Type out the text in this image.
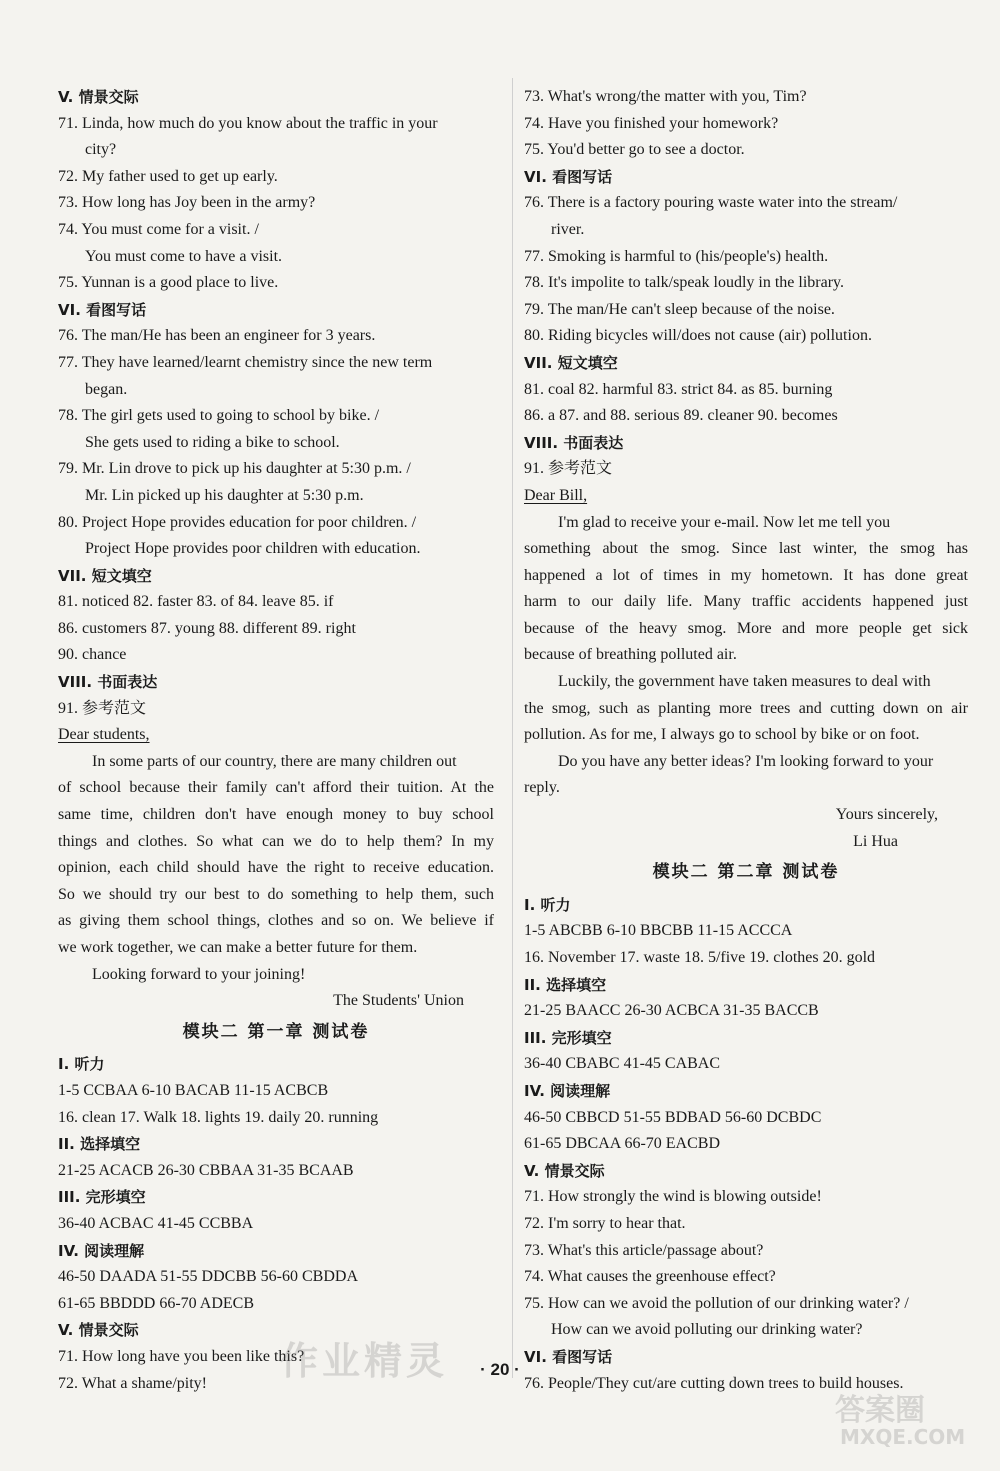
V. 情景交际
71. Linda, how much do you know about the traffic in your
city?
72. My father used to get up early.
73. How long has Joy been in the army?
74. You must come for a visit. /
You must come to have a visit.
75. Yunnan is a good place to live.
VI. 看图写话
76. The man/He has been an engineer for 3 years.
77. They have learned/learnt chemistry since the new term
began.
78. The girl gets used to going to school by bike. /
She gets used to riding a bike to school.
79. Mr. Lin drove to pick up his daughter at 5:30 p.m. /
Mr. Lin picked up his daughter at 5:30 p.m.
80. Project Hope provides education for poor children. /
Project Hope provides poor children with education.
VII. 短文填空
81. noticed 82. faster 83. of 84. leave 85. if
86. customers 87. young 88. different 89. right
90. chance
VIII. 书面表达
91. 参考范文
Dear students,
In some parts of our country, there are many children out
of school because their family can't afford their tuition. At the
same time, children don't have enough money to buy school
things and clothes. So what can we do to help them? In my
opinion, each child should have the right to receive education.
So we should try our best to do something to help them, such
as giving them school things, clothes and so on. We believe if
we work together, we can make a better future for them.
Looking forward to your joining!
The Students' Union
模块二 第一章 测试卷
I. 听力
1-5 CCBAA 6-10 BACAB 11-15 ACBCB
16. clean 17. Walk 18. lights 19. daily 20. running
II. 选择填空
21-25 ACACB 26-30 CBBAA 31-35 BCAAB
III. 完形填空
36-40 ACBAC 41-45 CCBBA
IV. 阅读理解
46-50 DAADA 51-55 DDCBB 56-60 CBDDA
61-65 BBDDD 66-70 ADECB
V. 情景交际
71. How long have you been like this?
72. What a shame/pity!
73. What's wrong/the matter with you, Tim?
74. Have you finished your homework?
75. You'd better go to see a doctor.
VI. 看图写话
76. There is a factory pouring waste water into the stream/
river.
77. Smoking is harmful to (his/people's) health.
78. It's impolite to talk/speak loudly in the library.
79. The man/He can't sleep because of the noise.
80. Riding bicycles will/does not cause (air) pollution.
VII. 短文填空
81. coal 82. harmful 83. strict 84. as 85. burning
86. a 87. and 88. serious 89. cleaner 90. becomes
VIII. 书面表达
91. 参考范文
Dear Bill,
I'm glad to receive your e-mail. Now let me tell you
something about the smog. Since last winter, the smog has
happened a lot of times in my hometown. It has done great
harm to our daily life. Many traffic accidents happened just
because of the heavy smog. More and more people get sick
because of breathing polluted air.
Luckily, the government have taken measures to deal with
the smog, such as planting more trees and cutting down on air
pollution. As for me, I always go to school by bike or on foot.
Do you have any better ideas? I'm looking forward to your
reply.
Yours sincerely,
Li Hua
模块二 第二章 测试卷
I. 听力
1-5 ABCBB 6-10 BBCBB 11-15 ACCCA
16. November 17. waste 18. 5/five 19. clothes 20. gold
II. 选择填空
21-25 BAACC 26-30 ACBCA 31-35 BACCB
III. 完形填空
36-40 CBABC 41-45 CABAC
IV. 阅读理解
46-50 CBBCD 51-55 BDBAD 56-60 DCBDC
61-65 DBCAA 66-70 EACBD
V. 情景交际
71. How strongly the wind is blowing outside!
72. I'm sorry to hear that.
73. What's this article/passage about?
74. What causes the greenhouse effect?
75. How can we avoid the pollution of our drinking water? /
How can we avoid polluting our drinking water?
VI. 看图写话
76. People/They cut/are cutting down trees to build houses.
作业精灵
答案圈
MXQE.COM
· 20 ·
